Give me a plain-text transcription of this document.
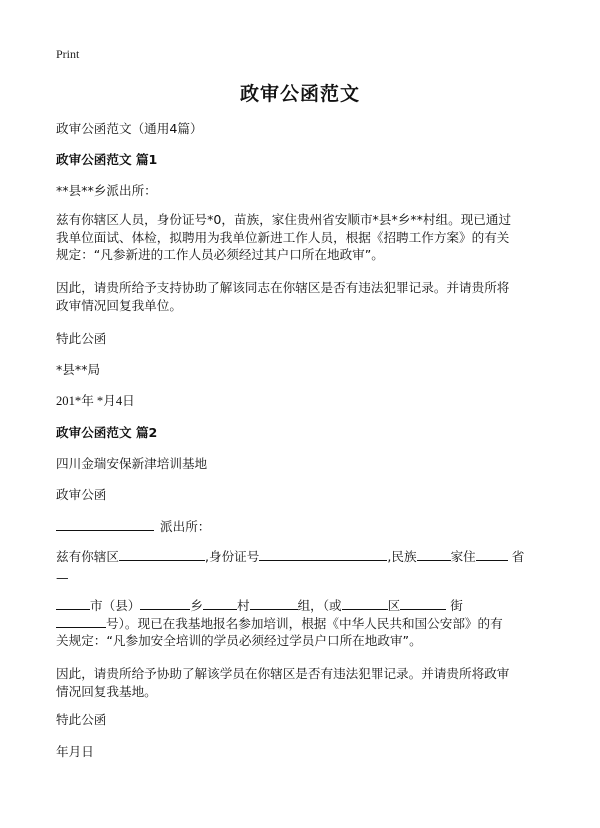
Print
政审公函范文
政审公函范文（通用4篇）
政审公函范文 篇1
**县**乡派出所：
兹有你辖区人员，身份证号*0，苗族，家住贵州省安顺市*县*乡**村组。现已通过
我单位面试、体检，拟聘用为我单位新进工作人员，根据《招聘工作方案》的有关
规定：“凡参新进的工作人员必须经过其户口所在地政审”。
因此，请贵所给予支持协助了解该同志在你辖区是否有违法犯罪记录。并请贵所将
政审情况回复我单位。
特此公函
*县**局
201*年 *月4日
政审公函范文 篇2
四川金瑞安保新津培训基地
政审公函
派出所：
兹有你辖区	,身份证号	,民族	家住	省
—
市（县）	乡	村	组，（或	区	街
号）。现已在我基地报名参加培训，根据《中华人民共和国公安部》的有
关规定：“凡参加安全培训的学员必须经过学员户口所在地政审”。
因此，请贵所给予协助了解该学员在你辖区是否有违法犯罪记录。并请贵所将政审
情况回复我基地。
特此公函
年月日
